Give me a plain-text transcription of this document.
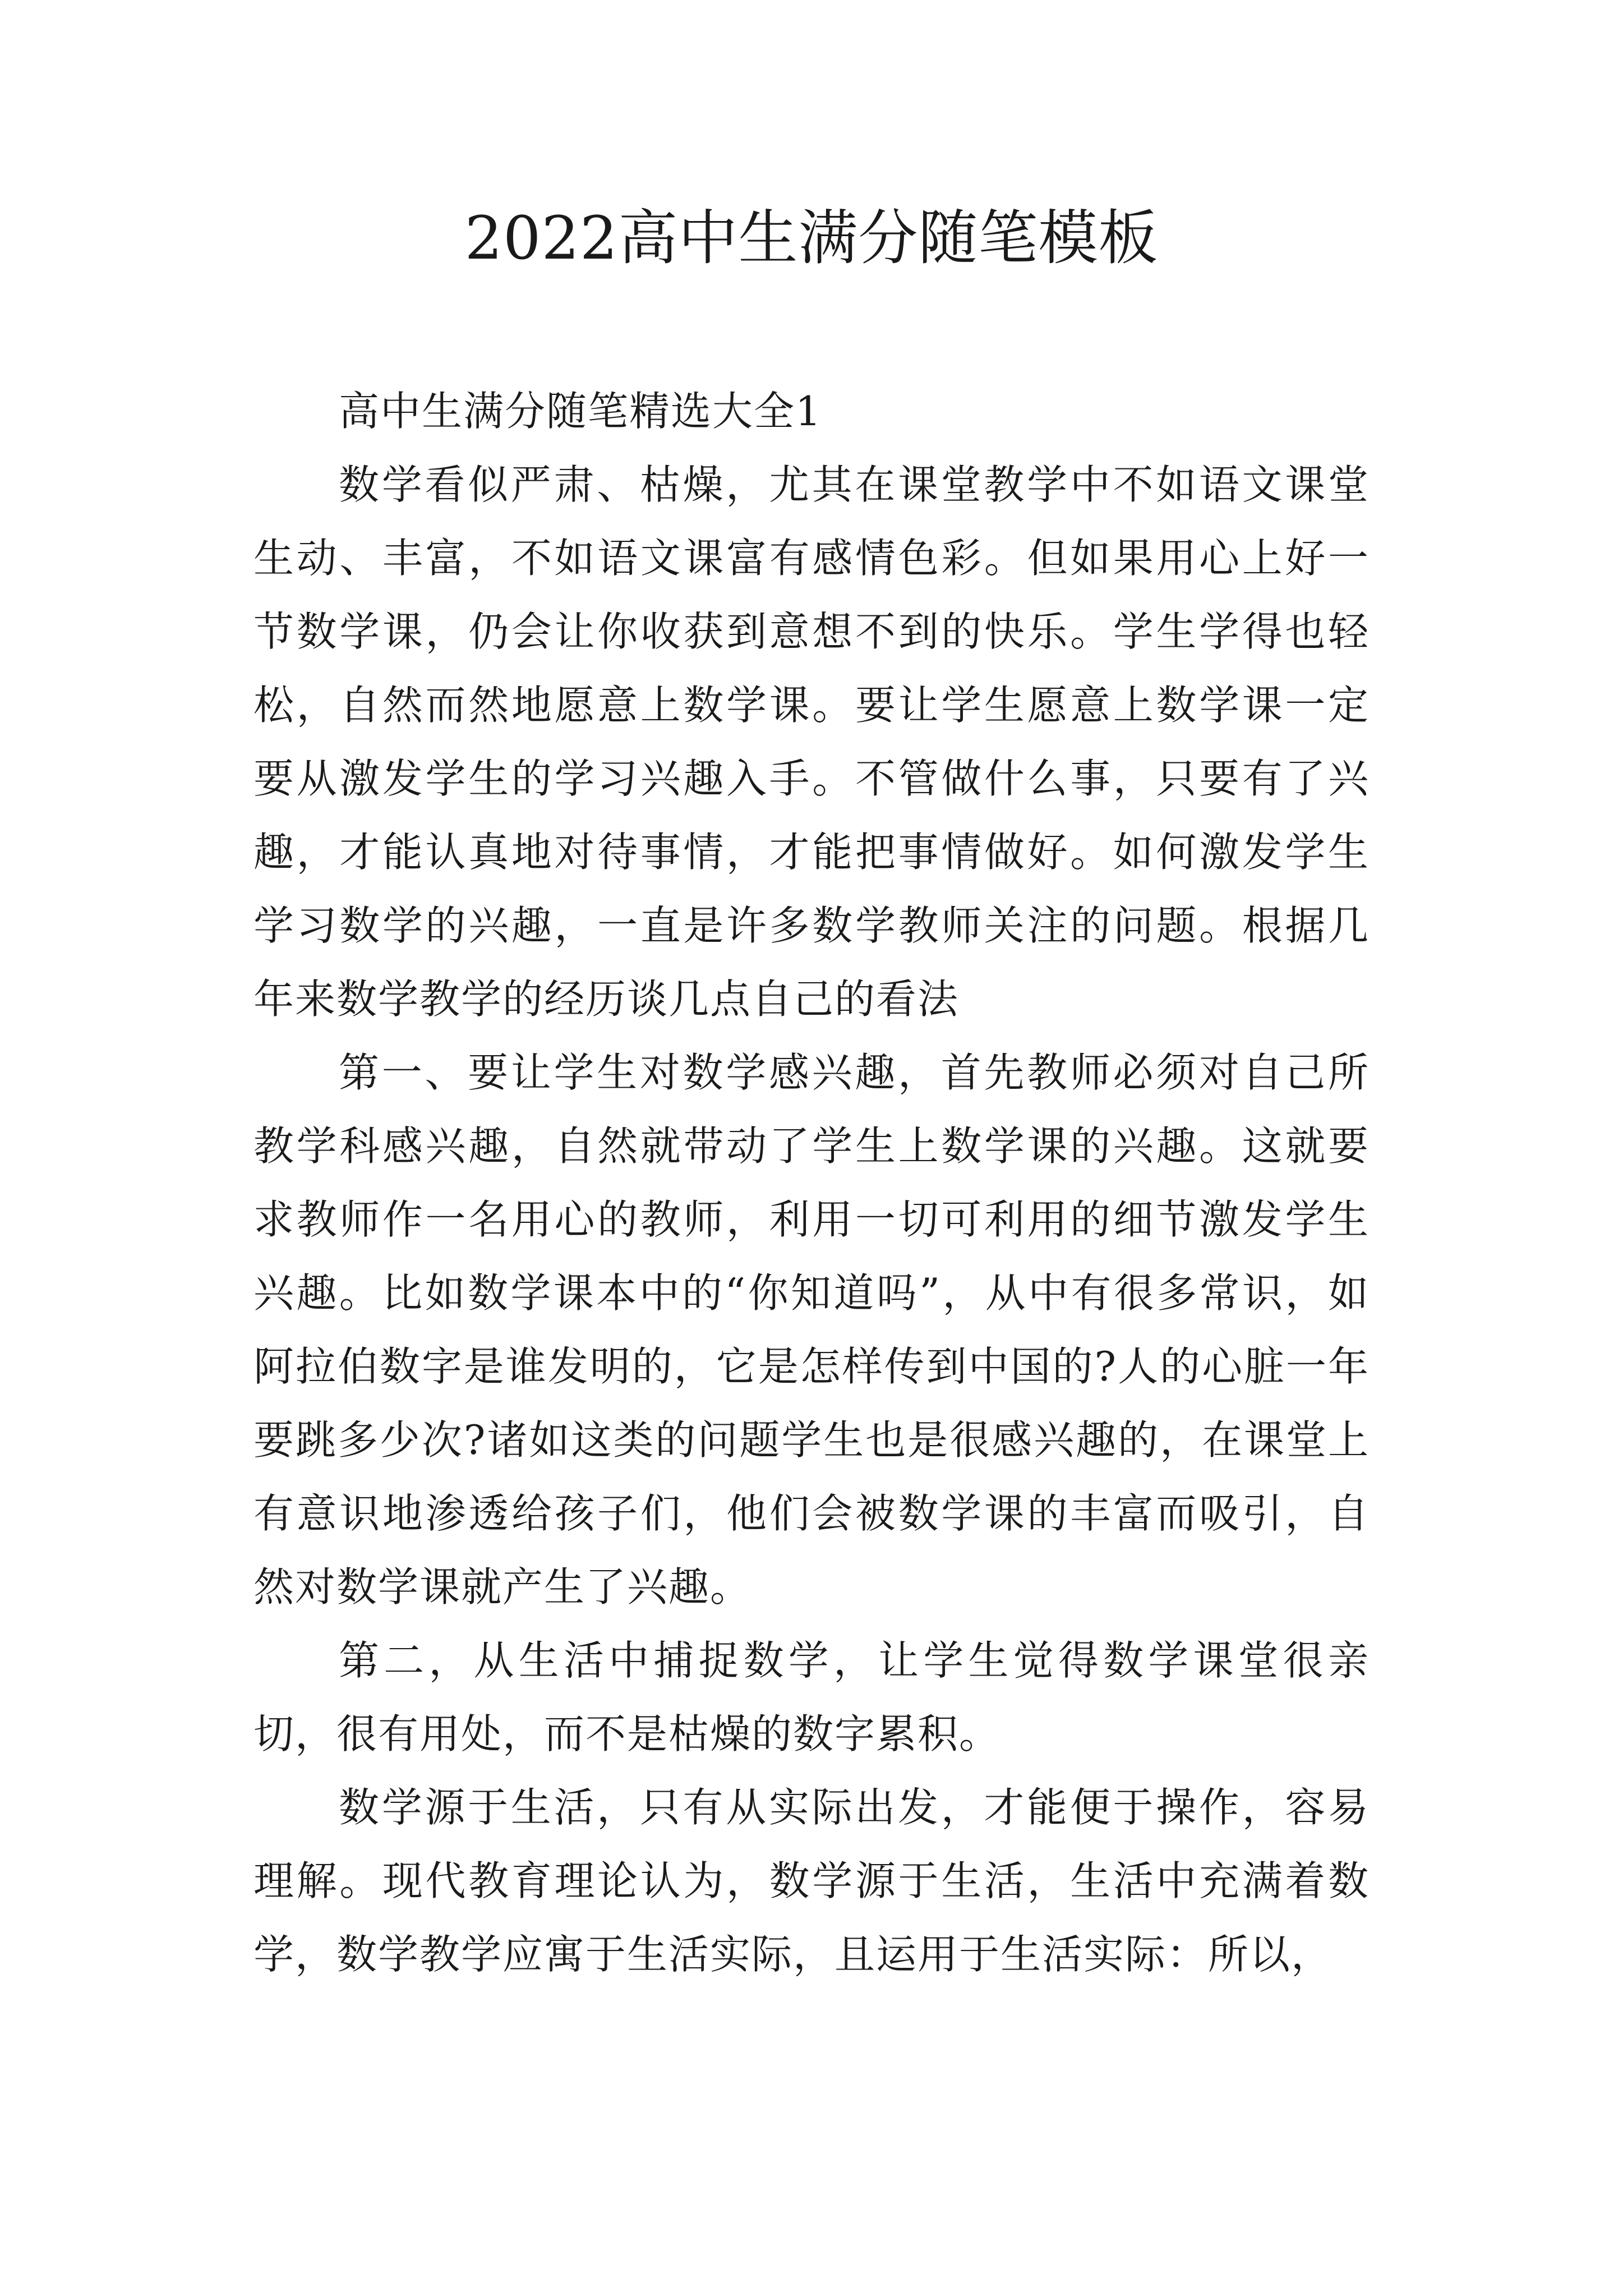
2022高中生满分随笔模板

高中生满分随笔精选大全1

数学看似严肃、枯燥，尤其在课堂教学中不如语文课堂生动、丰富，不如语文课富有感情色彩。但如果用心上好一节数学课，仍会让你收获到意想不到的快乐。学生学得也轻松，自然而然地愿意上数学课。要让学生愿意上数学课一定要从激发学生的学习兴趣入手。不管做什么事，只要有了兴趣，才能认真地对待事情，才能把事情做好。如何激发学生学习数学的兴趣，一直是许多数学教师关注的问题。根据几年来数学教学的经历谈几点自己的看法

第一、要让学生对数学感兴趣，首先教师必须对自己所教学科感兴趣，自然就带动了学生上数学课的兴趣。这就要求教师作一名用心的教师，利用一切可利用的细节激发学生兴趣。比如数学课本中的“你知道吗”，从中有很多常识，如阿拉伯数字是谁发明的，它是怎样传到中国的?人的心脏一年要跳多少次?诸如这类的问题学生也是很感兴趣的，在课堂上有意识地渗透给孩子们，他们会被数学课的丰富而吸引，自然对数学课就产生了兴趣。

第二，从生活中捕捉数学，让学生觉得数学课堂很亲切，很有用处，而不是枯燥的数字累积。

数学源于生活，只有从实际出发，才能便于操作，容易理解。现代教育理论认为，数学源于生活，生活中充满着数学，数学教学应寓于生活实际，且运用于生活实际：所以，
